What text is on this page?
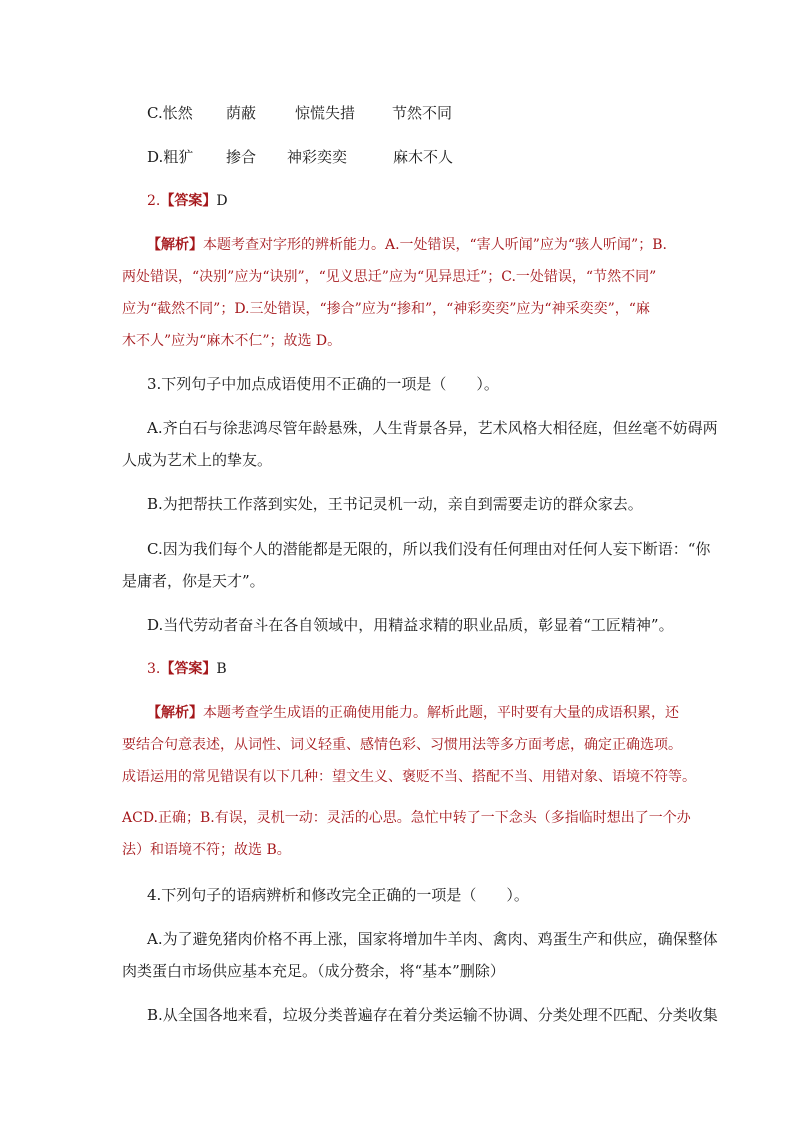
C.怅然 荫蔽	惊慌失措 节然不同
D.粗犷 掺合 神彩奕奕	麻木不人
2.【答案】D
【解析】本题考查对字形的辨析能力。A.一处错误，“害人听闻”应为“骇人听闻”；B.
两处错误，“决别”应为“诀别”，“见义思迁”应为“见异思迁”；C.一处错误，“节然不同”
应为“截然不同”；D.三处错误，“掺合”应为“掺和”，“神彩奕奕”应为“神采奕奕”，“麻
木不人”应为“麻木不仁”；故选 D。
3.下列句子中加点成语使用不正确的一项是（　　）。
A.齐白石与徐悲鸿尽管年龄悬殊，人生背景各异，艺术风格大相径庭，但丝毫不妨碍两
人成为艺术上的挚友。
B.为把帮扶工作落到实处，王书记灵机一动，亲自到需要走访的群众家去。
C.因为我们每个人的潜能都是无限的，所以我们没有任何理由对任何人妄下断语：“你
是庸者，你是天才”。
D.当代劳动者奋斗在各自领域中，用精益求精的职业品质，彰显着“工匠精神”。
3.【答案】B
【解析】本题考查学生成语的正确使用能力。解析此题，平时要有大量的成语积累，还
要结合句意表述，从词性、词义轻重、感情色彩、习惯用法等多方面考虑，确定正确选项。
成语运用的常见错误有以下几种：望文生义、褒贬不当、搭配不当、用错对象、语境不符等。
ACD.正确；B.有误，灵机一动：灵活的心思。急忙中转了一下念头（多指临时想出了一个办
法）和语境不符；故选 B。
4.下列句子的语病辨析和修改完全正确的一项是（　　）。
A.为了避免猪肉价格不再上涨，国家将增加牛羊肉、禽肉、鸡蛋生产和供应，确保整体
肉类蛋白市场供应基本充足。（成分赘余，将“基本”删除）
B.从全国各地来看，垃圾分类普遍存在着分类运输不协调、分类处理不匹配、分类收集
